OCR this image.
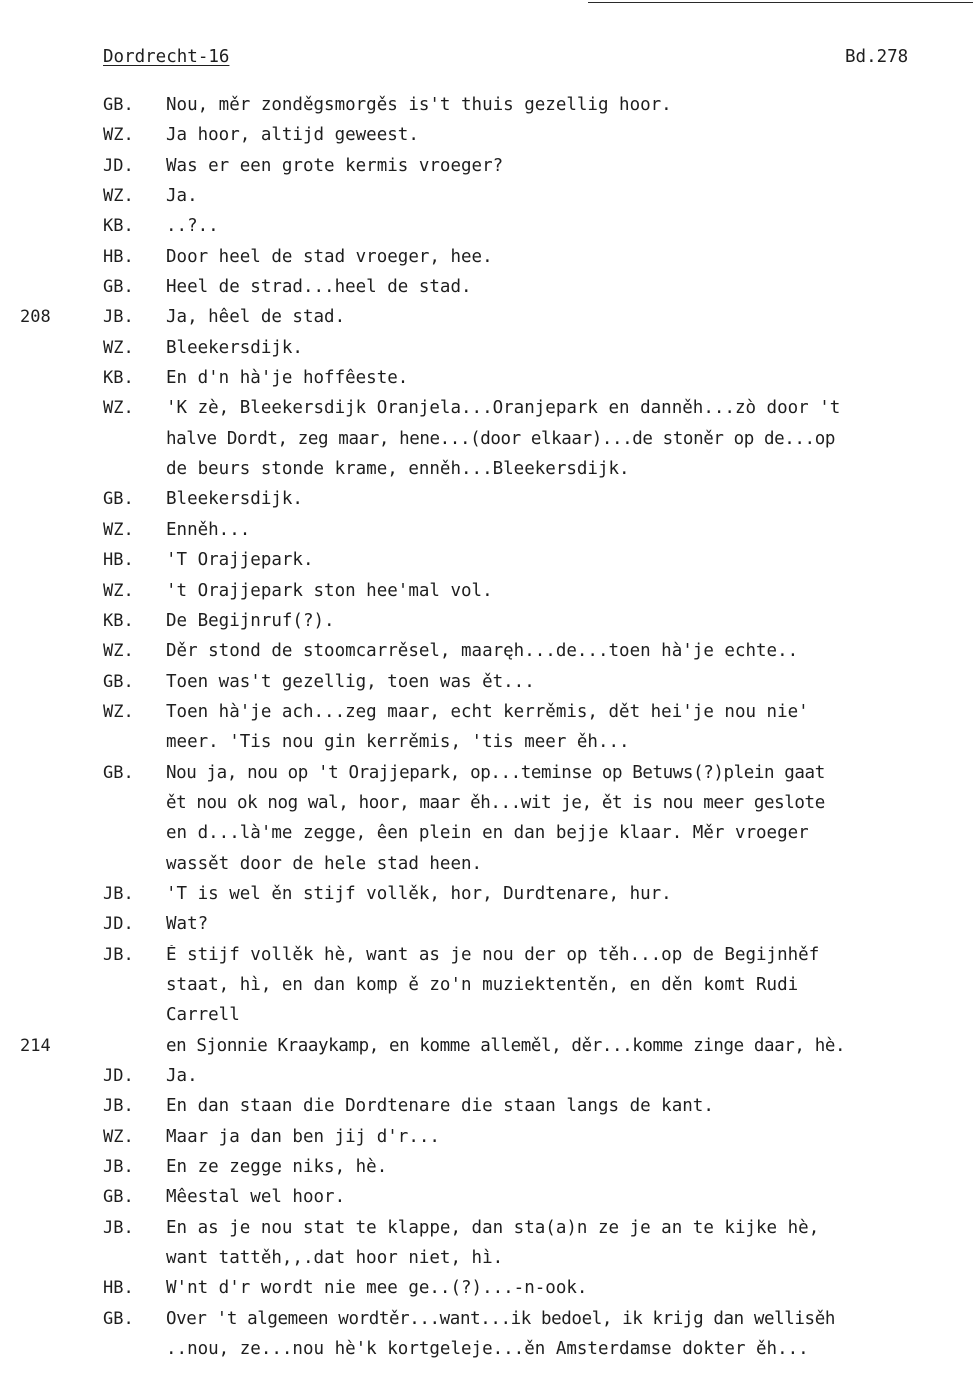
Dordrecht-16	Bd.278
GB. Nou, měr zonděgsmorgěs is't thuis gezellig hoor.
WZ. Ja hoor, altijd geweest.
JD. Was er een grote kermis vroeger?
WZ. Ja.
KB. ..?..
HB. Door heel de stad vroeger, hee.
GB. Heel de strad...heel de stad.
208	JB. Ja, hêel de stad.
WZ. Bleekersdijk.
KB. En d'n hà'je hoffêeste.
WZ. 'K zè, Bleekersdijk Oranjela...Oranjepark en danněh...zò door 't
halve Dordt, zeg maar, hene...(door elkaar)...de stoněr op de...op
de beurs stonde krame, enněh...Bleekersdijk.
GB. Bleekersdijk.
WZ. Enněh...
HB. 'T Orajjepark.
WZ. 't Orajjepark ston hee'mal vol.
KB. De Begijnruf(?).
WZ. Děr stond de stoomcarrěsel, maaręh...de...toen hà'je echte..
GB. Toen was't gezellig, toen was ět...
WZ. Toen hà'je ach...zeg maar, echt kerrěmis, dět hei'je nou nie'
meer. 'Tis nou gin kerrěmis, 'tis meer ěh...
GB. Nou ja, nou op 't Orajjepark, op...teminse op Betuws(?)plein gaat
ět nou ok nog wal, hoor, maar ěh...wit je, ět is nou meer geslote
en d...là'me zegge, êen plein en dan bejje klaar. Měr vroeger
wassět door de hele stad heen.
JB. 'T is wel ěn stijf vollěk, hor, Durdtenare, hur.
JD. Wat?
JB. Ě stijf vollěk hè, want as je nou der op těh...op de Begijnhěf
staat, hì, en dan komp ě zo'n muziektentěn, en děn komt Rudi
Carrell
214	en Sjonnie Kraaykamp, en komme alleměl, děr...komme zinge daar, hè.
JD. Ja.
JB. En dan staan die Dordtenare die staan langs de kant.
WZ. Maar ja dan ben jij d'r...
JB. En ze zegge niks, hè.
GB. Mêestal wel hoor.
JB. En as je nou stat te klappe, dan sta(a)n ze je an te kijke hè,
want tattěh,,.dat hoor niet, hì.
HB. W'nt d'r wordt nie mee ge..(?)...-n-ook.
GB. Over 't algemeen wordtěr...want...ik bedoel, ik krijg dan wellisěh
..nou, ze...nou hè'k kortgeleje...ěn Amsterdamse dokter ěh...
